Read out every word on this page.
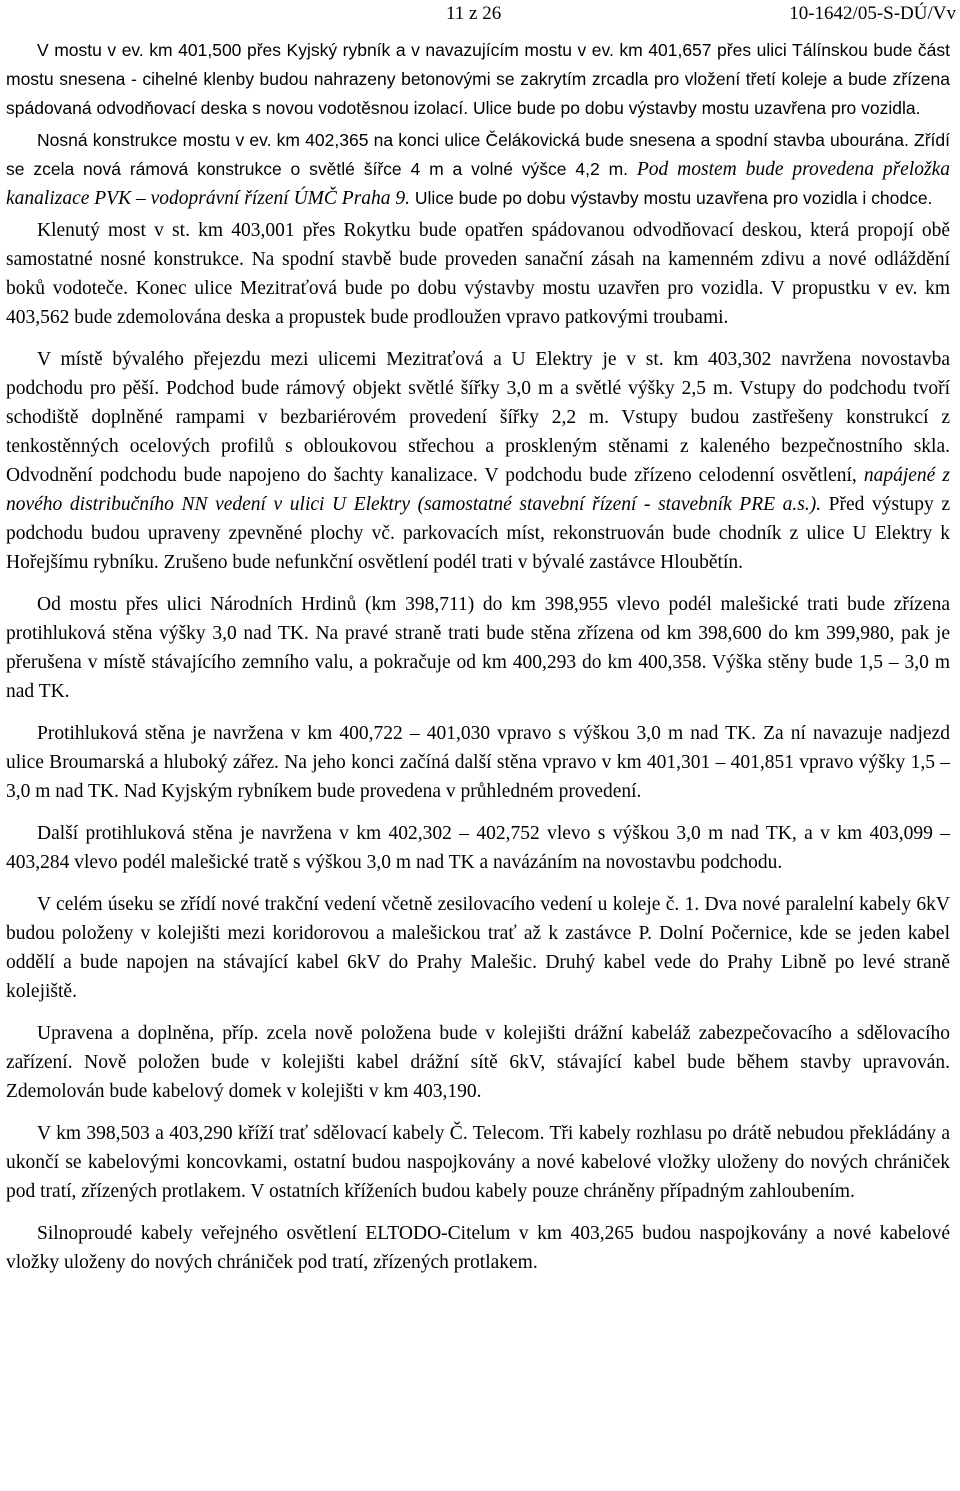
11 z 26	10-1642/05-S-DÚ/Vv

V mostu v ev. km 401,500 přes Kyjský rybník a v navazujícím mostu v ev. km 401,657 přes ulici Tálínskou bude část mostu snesena - cihelné klenby budou nahrazeny betonovými se zakrytím zrcadla pro vložení třetí koleje a bude zřízena spádovaná odvodňovací deska s novou vodotěsnou izolací. Ulice bude po dobu výstavby mostu uzavřena pro vozidla.

Nosná konstrukce mostu v ev. km 402,365 na konci ulice Čelákovická bude snesena a spodní stavba ubourána. Zřídí se zcela nová rámová konstrukce o světlé šířce 4 m a volné výšce 4,2 m. Pod mostem bude provedena přeložka kanalizace PVK – vodoprávní řízení ÚMČ Praha 9. Ulice bude po dobu výstavby mostu uzavřena pro vozidla i chodce.

Klenutý most v st. km 403,001 přes Rokytku bude opatřen spádovanou odvodňovací deskou, která propojí obě samostatné nosné konstrukce. Na spodní stavbě bude proveden sanační zásah na kamenném zdivu a nové odláždění boků vodoteče. Konec ulice Mezitraťová bude po dobu výstavby mostu uzavřen pro vozidla. V propustku v ev. km 403,562 bude zdemolována deska a propustek bude prodloužen vpravo patkovými troubami.

V místě bývalého přejezdu mezi ulicemi Mezitraťová a U Elektry je v st. km 403,302 navržena novostavba podchodu pro pěší. Podchod bude rámový objekt světlé šířky 3,0 m a světlé výšky 2,5 m. Vstupy do podchodu tvoří schodiště doplněné rampami v bezbariérovém provedení šířky 2,2 m. Vstupy budou zastřešeny konstrukcí z tenkostěnných ocelových profilů s obloukovou střechou a proskleným stěnami z kaleného bezpečnostního skla. Odvodnění podchodu bude napojeno do šachty kanalizace. V podchodu bude zřízeno celodenní osvětlení, napájené z nového distribučního NN vedení v ulici U Elektry (samostatné stavební řízení - stavebník PRE a.s.). Před výstupy z podchodu budou upraveny zpevněné plochy vč. parkovacích míst, rekonstruován bude chodník z ulice U Elektry k Hořejšímu rybníku. Zrušeno bude nefunkční osvětlení podél trati v bývalé zastávce Hloubětín.

Od mostu přes ulici Národních Hrdinů (km 398,711) do km 398,955 vlevo podél malešické trati bude zřízena protihluková stěna výšky 3,0 nad TK. Na pravé straně trati bude stěna zřízena od km 398,600 do km 399,980, pak je přerušena v místě stávajícího zemního valu, a pokračuje od km 400,293 do km 400,358. Výška stěny bude 1,5 – 3,0 m nad TK.

Protihluková stěna je navržena v km 400,722 – 401,030 vpravo s výškou 3,0 m nad TK. Za ní navazuje nadjezd ulice Broumarská a hluboký zářez. Na jeho konci začíná další stěna vpravo v km 401,301 – 401,851 vpravo výšky 1,5 – 3,0 m nad TK. Nad Kyjským rybníkem bude provedena v průhledném provedení.

Další protihluková stěna je navržena v km 402,302 – 402,752 vlevo s výškou 3,0 m nad TK, a v km 403,099 – 403,284 vlevo podél malešické tratě s výškou 3,0 m nad TK a navázáním na novostavbu podchodu.

V celém úseku se zřídí nové trakční vedení včetně zesilovacího vedení u koleje č. 1. Dva nové paralelní kabely 6kV budou položeny v kolejišti mezi koridorovou a malešickou trať až k zastávce P. Dolní Počernice, kde se jeden kabel oddělí a bude napojen na stávající kabel 6kV do Prahy Malešic. Druhý kabel vede do Prahy Libně po levé straně kolejiště.

Upravena a doplněna, příp. zcela nově položena bude v kolejišti drážní kabeláž zabezpečovacího a sdělovacího zařízení. Nově položen bude v kolejišti kabel drážní sítě 6kV, stávající kabel bude během stavby upravován. Zdemolován bude kabelový domek v kolejišti v km 403,190.

V km 398,503 a 403,290 kříží trať sdělovací kabely Č. Telecom. Tři kabely rozhlasu po drátě nebudou překládány a ukončí se kabelovými koncovkami, ostatní budou naspojkovány a nové kabelové vložky uloženy do nových chrániček pod tratí, zřízených protlakem. V ostatních kříženích budou kabely pouze chráněny případným zahloubením.

Silnoproudé kabely veřejného osvětlení ELTODO-Citelum v km 403,265 budou naspojkovány a nové kabelové vložky uloženy do nových chrániček pod tratí, zřízených protlakem.
